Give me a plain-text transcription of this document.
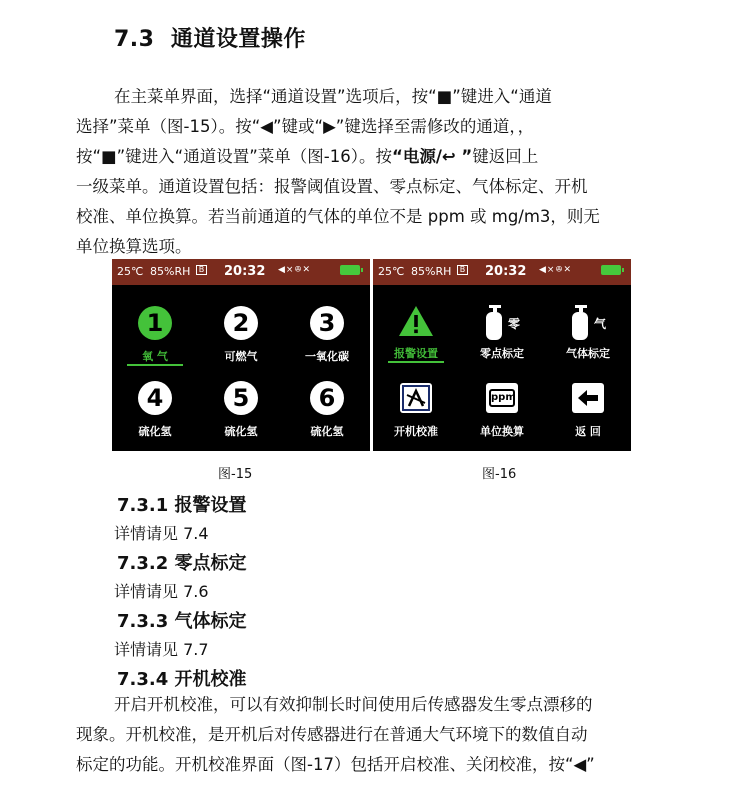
7.3 通道设置操作
在主菜单界面，选择“通道设置”选项后，按“■”键进入“通道
选择”菜单（图-15）。按“◀”键或“▶”键选择至需修改的通道，，
按“■”键进入“通道设置”菜单（图-16）。按“电源/↩ ”键返回上
一级菜单。通道设置包括：报警阈值设置、零点标定、气体标定、开机
校准、单位换算。若当前通道的气体的单位不是 ppm 或 mg/m3，则无
单位换算选项。
25℃ 85%RH	B 20:32 ◀×ꔮ✕
1
氧 气
2
可燃气
3
一氧化碳
4
硫化氢
5
硫化氢
6
硫化氢
25℃ 85%RH	B 20:32 ◀×ꔮ✕
报警设置
零
零点标定
气
气体标定
开机校准
ppm
单位换算	返 回
图-15	图-16
7.3.1 报警设置
详情请见 7.4
7.3.2 零点标定
详情请见 7.6
7.3.3 气体标定
详情请见 7.7
7.3.4 开机校准
开启开机校准，可以有效抑制长时间使用后传感器发生零点漂移的
现象。开机校准，是开机后对传感器进行在普通大气环境下的数值自动
标定的功能。开机校准界面（图-17）包括开启校准、关闭校准，按“◀”
